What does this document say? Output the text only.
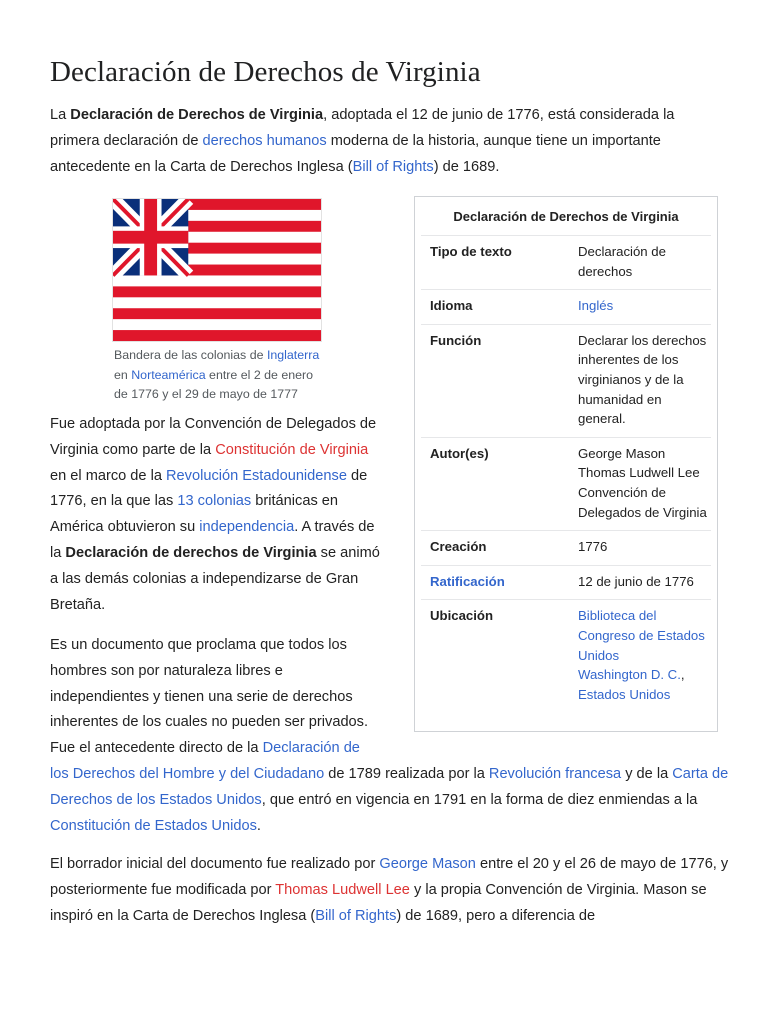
Declaración de Derechos de Virginia

La Declaración de Derechos de Virginia, adoptada el 12 de junio de 1776, está considerada la primera declaración de derechos humanos moderna de la historia, aunque tiene un importante antecedente en la Carta de Derechos Inglesa (Bill of Rights) de 1689.

Bandera de las colonias de Inglaterra en Norteamérica entre el 2 de enero de 1776 y el 29 de mayo de 1777

Declaración de Derechos de Virginia
Tipo de texto	Declaración de derechos
Idioma	Inglés
Función	Declarar los derechos inherentes de los virginianos y de la humanidad en general.
Autor(es)	George Mason
Thomas Ludwell Lee
Convención de Delegados de Virginia
Creación	1776
Ratificación	12 de junio de 1776
Ubicación	Biblioteca del Congreso de Estados Unidos
Washington D. C.,
Estados Unidos

Fue adoptada por la Convención de Delegados de Virginia como parte de la Constitución de Virginia en el marco de la Revolución Estadounidense de 1776, en la que las 13 colonias británicas en América obtuvieron su independencia. A través de la Declaración de derechos de Virginia se animó a las demás colonias a independizarse de Gran Bretaña.

Es un documento que proclama que todos los hombres son por naturaleza libres e independientes y tienen una serie de derechos inherentes de los cuales no pueden ser privados. Fue el antecedente directo de la Declaración de
los Derechos del Hombre y del Ciudadano de 1789 realizada por la Revolución francesa y de la Carta de Derechos de los Estados Unidos, que entró en vigencia en 1791 en la forma de diez enmiendas a la Constitución de Estados Unidos.

El borrador inicial del documento fue realizado por George Mason entre el 20 y el 26 de mayo de 1776, y posteriormente fue modificada por Thomas Ludwell Lee y la propia Convención de Virginia. Mason se inspiró en la Carta de Derechos Inglesa (Bill of Rights) de 1689, pero a diferencia de
